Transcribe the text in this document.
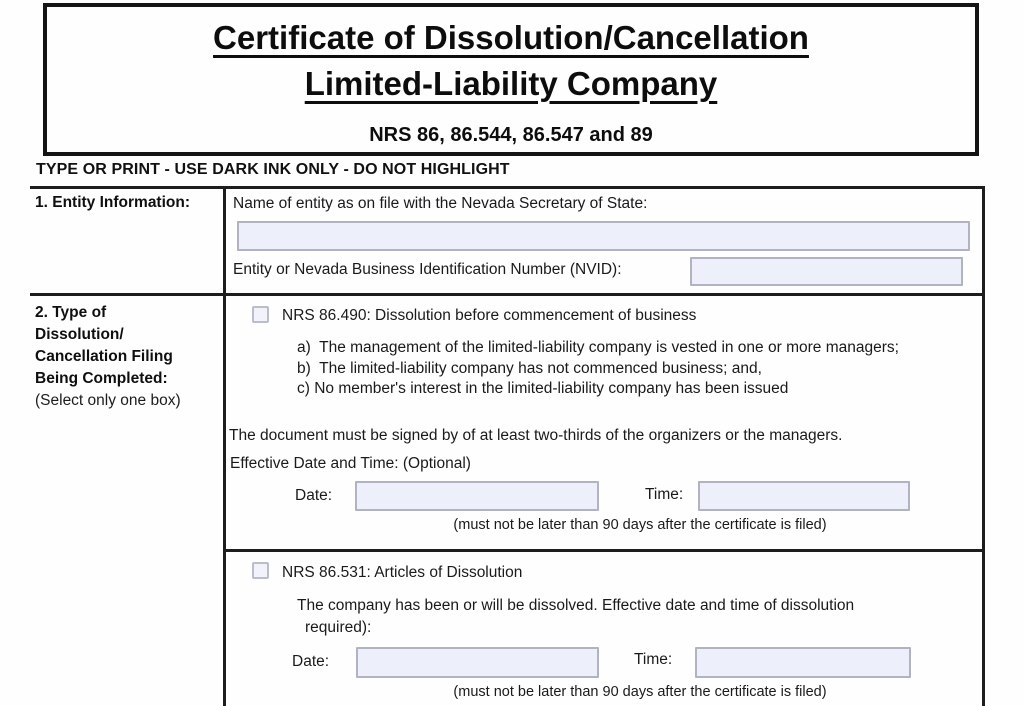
Certificate of Dissolution/Cancellation
Limited-Liability Company
NRS 86, 86.544, 86.547 and 89
TYPE OR PRINT - USE DARK INK ONLY - DO NOT HIGHLIGHT
1. Entity Information:	Name of entity as on file with the Nevada Secretary of State:
Entity or Nevada Business Identification Number (NVID):
2. Type of
Dissolution/
Cancellation Filing
Being Completed:
(Select only one box)
NRS 86.490: Dissolution before commencement of business
a)  The management of the limited-liability company is vested in one or more managers;
b)  The limited-liability company has not commenced business; and,
c) No member's interest in the limited-liability company has been issued
The document must be signed by of at least two-thirds of the organizers or the managers.
Effective Date and Time: (Optional)
Date:	Time:
(must not be later than 90 days after the certificate is filed)
NRS 86.531: Articles of Dissolution
The company has been or will be dissolved. Effective date and time of dissolution
required):
Date:	Time:
(must not be later than 90 days after the certificate is filed)
